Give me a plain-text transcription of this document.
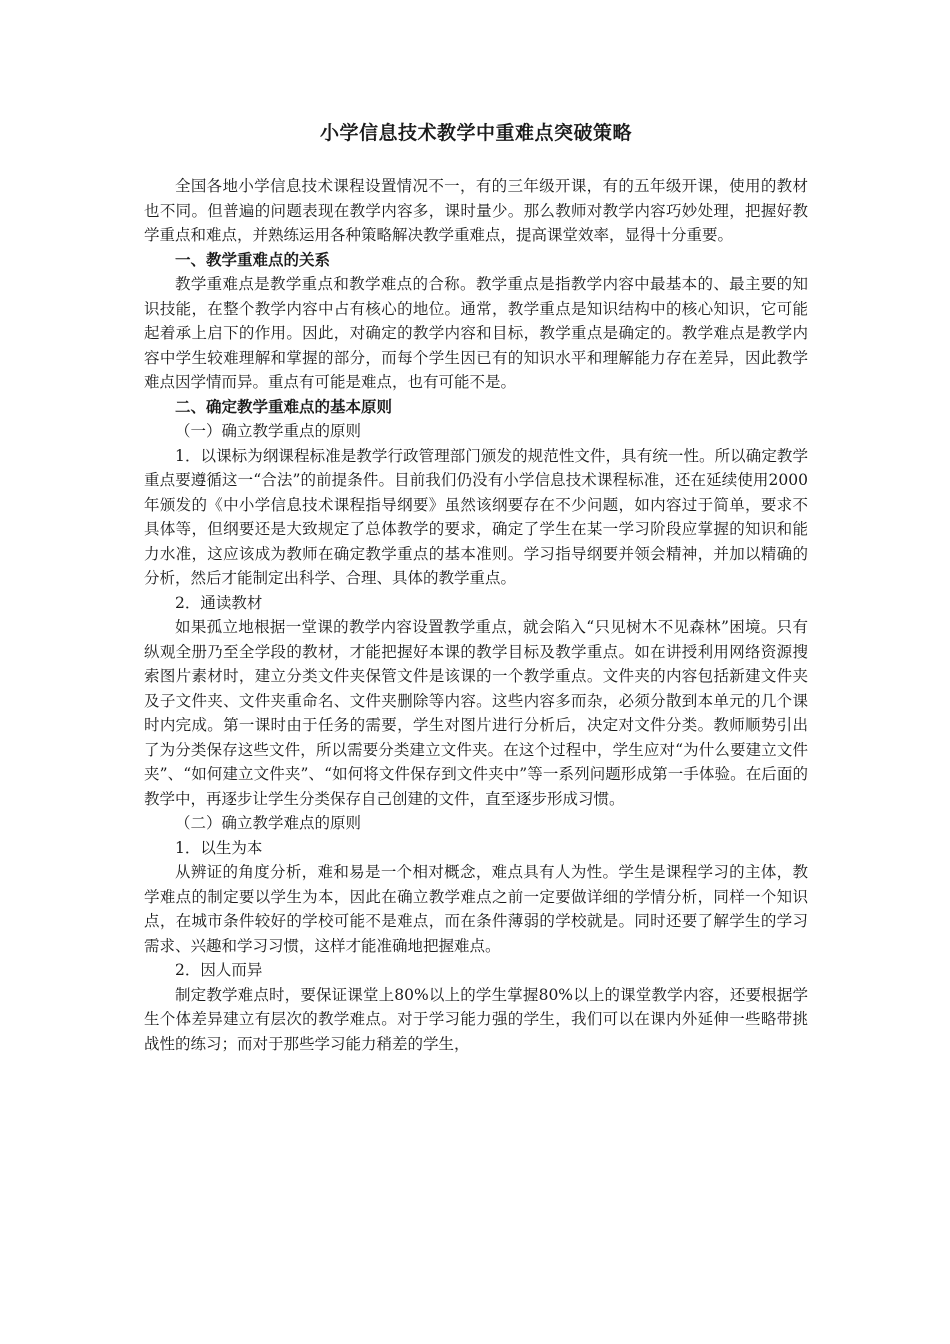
小学信息技术教学中重难点突破策略

全国各地小学信息技术课程设置情况不一，有的三年级开课，有的五年级开课，使用的教材也不同。但普遍的问题表现在教学内容多，课时量少。那么教师对教学内容巧妙处理，把握好教学重点和难点，并熟练运用各种策略解决教学重难点，提高课堂效率，显得十分重要。

一、教学重难点的关系

教学重难点是教学重点和教学难点的合称。教学重点是指教学内容中最基本的、最主要的知识技能，在整个教学内容中占有核心的地位。通常，教学重点是知识结构中的核心知识，它可能起着承上启下的作用。因此，对确定的教学内容和目标，教学重点是确定的。教学难点是教学内容中学生较难理解和掌握的部分，而每个学生因已有的知识水平和理解能力存在差异，因此教学难点因学情而异。重点有可能是难点，也有可能不是。

二、确定教学重难点的基本原则

（一）确立教学重点的原则

1．以课标为纲课程标准是教学行政管理部门颁发的规范性文件，具有统一性。所以确定教学重点要遵循这一“合法”的前提条件。目前我们仍没有小学信息技术课程标准，还在延续使用2000年颁发的《中小学信息技术课程指导纲要》虽然该纲要存在不少问题，如内容过于简单，要求不具体等，但纲要还是大致规定了总体教学的要求，确定了学生在某一学习阶段应掌握的知识和能力水准，这应该成为教师在确定教学重点的基本准则。学习指导纲要并领会精神，并加以精确的分析，然后才能制定出科学、合理、具体的教学重点。

2．通读教材

如果孤立地根据一堂课的教学内容设置教学重点，就会陷入“只见树木不见森林”困境。只有纵观全册乃至全学段的教材，才能把握好本课的教学目标及教学重点。如在讲授利用网络资源搜索图片素材时，建立分类文件夹保管文件是该课的一个教学重点。文件夹的内容包括新建文件夹及子文件夹、文件夹重命名、文件夹删除等内容。这些内容多而杂，必须分散到本单元的几个课时内完成。第一课时由于任务的需要，学生对图片进行分析后，决定对文件分类。教师顺势引出了为分类保存这些文件，所以需要分类建立文件夹。在这个过程中，学生应对“为什么要建立文件夹”、“如何建立文件夹”、“如何将文件保存到文件夹中”等一系列问题形成第一手体验。在后面的教学中，再逐步让学生分类保存自己创建的文件，直至逐步形成习惯。

（二）确立教学难点的原则

1．以生为本

从辨证的角度分析，难和易是一个相对概念，难点具有人为性。学生是课程学习的主体，教学难点的制定要以学生为本，因此在确立教学难点之前一定要做详细的学情分析，同样一个知识点，在城市条件较好的学校可能不是难点，而在条件薄弱的学校就是。同时还要了解学生的学习需求、兴趣和学习习惯，这样才能准确地把握难点。

2．因人而异

制定教学难点时，要保证课堂上80%以上的学生掌握80%以上的课堂教学内容，还要根据学生个体差异建立有层次的教学难点。对于学习能力强的学生，我们可以在课内外延伸一些略带挑战性的练习；而对于那些学习能力稍差的学生，
